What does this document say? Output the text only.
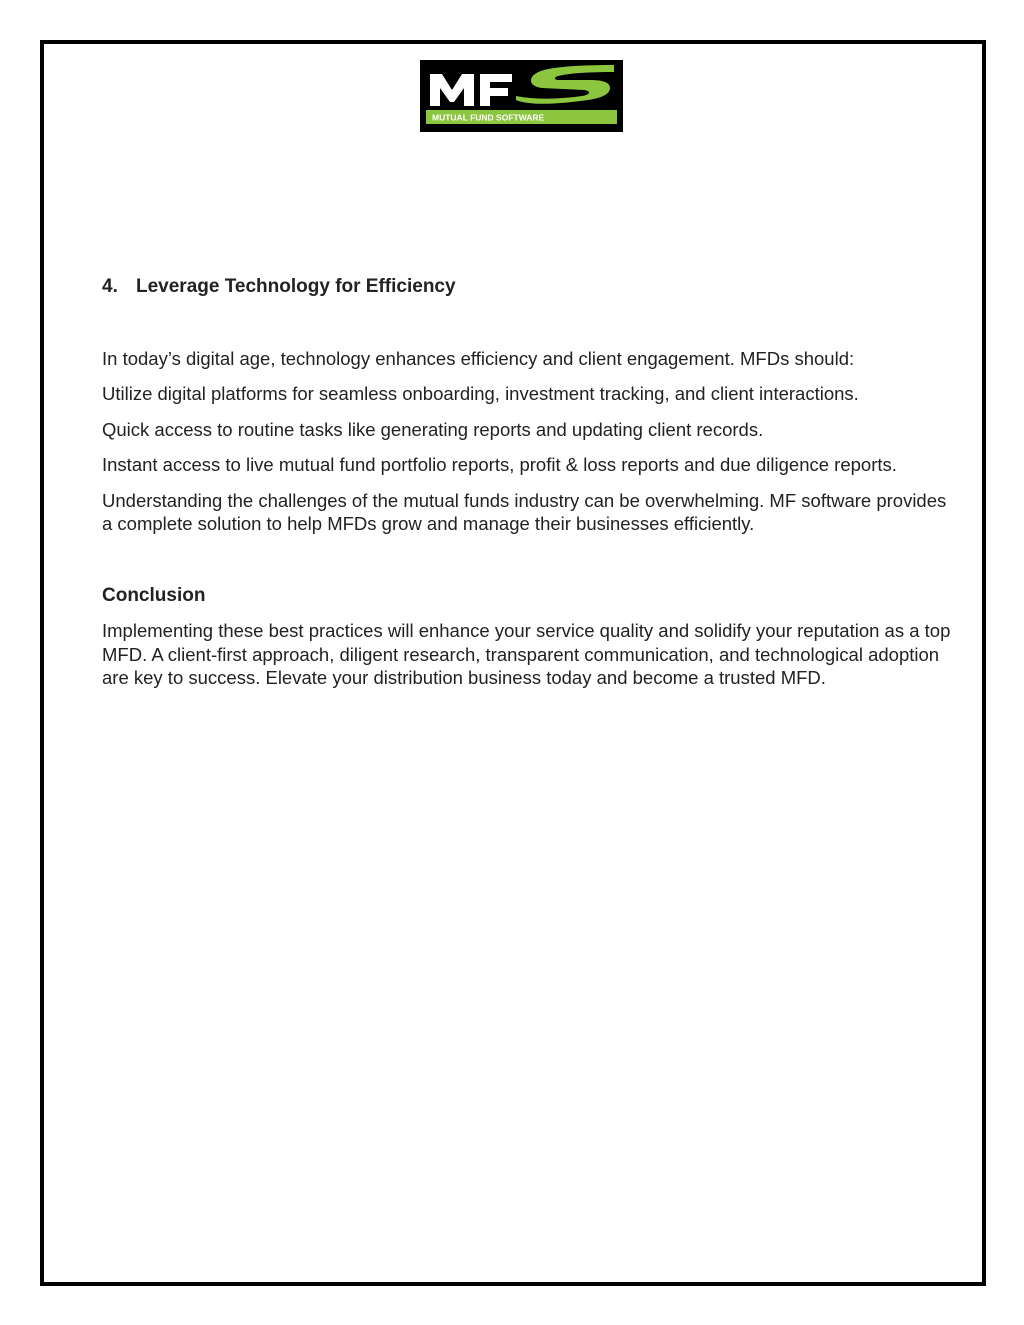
MUTUAL FUND SOFTWARE

4. Leverage Technology for Efficiency

In today’s digital age, technology enhances efficiency and client engagement. MFDs should:

Utilize digital platforms for seamless onboarding, investment tracking, and client interactions.

Quick access to routine tasks like generating reports and updating client records.

Instant access to live mutual fund portfolio reports, profit & loss reports and due diligence reports.

Understanding the challenges of the mutual funds industry can be overwhelming. MF software provides a complete solution to help MFDs grow and manage their businesses efficiently.

Conclusion

Implementing these best practices will enhance your service quality and solidify your reputation as a top MFD. A client-first approach, diligent research, transparent communication, and technological adoption are key to success. Elevate your distribution business today and become a trusted MFD.
